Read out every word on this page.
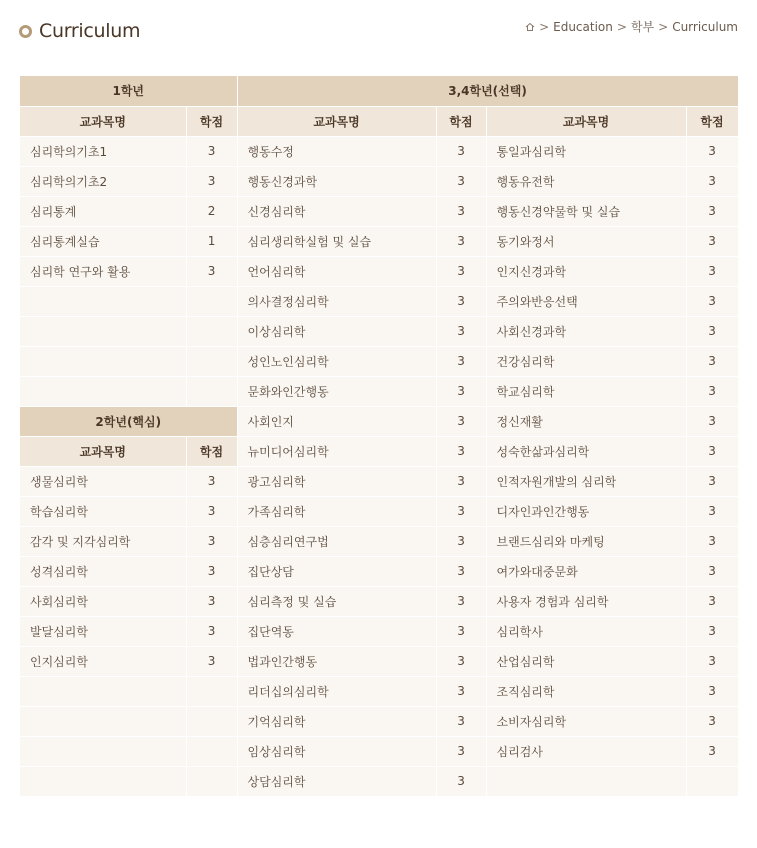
Curriculum	> Education > 학부 > Curriculum
1학년		3,4학년(선택)			
교과목명	학점	교과목명	학점	교과목명	학점
심리학의기초1	3	행동수정	3	통일과심리학	3
심리학의기초2	3	행동신경과학	3	행동유전학	3
심리통계	2	신경심리학	3	행동신경약물학 및 실습	3
심리통계실습	1	심리생리학실험 및 실습	3	동기와정서	3
심리학 연구와 활용	3	언어심리학	3	인지신경과학	3
		의사결정심리학	3	주의와반응선택	3
		이상심리학	3	사회신경과학	3
		성인노인심리학	3	건강심리학	3
		문화와인간행동	3	학교심리학	3
2학년(핵심)		사회인지	3	정신재활	3
교과목명	학점	뉴미디어심리학	3	성숙한삶과심리학	3
생물심리학	3	광고심리학	3	인적자원개발의 심리학	3
학습심리학	3	가족심리학	3	디자인과인간행동	3
감각 및 지각심리학	3	심층심리연구법	3	브랜드심리와 마케팅	3
성격심리학	3	집단상담	3	여가와대중문화	3
사회심리학	3	심리측정 및 실습	3	사용자 경험과 심리학	3
발달심리학	3	집단역동	3	심리학사	3
인지심리학	3	법과인간행동	3	산업심리학	3
		리더십의심리학	3	조직심리학	3
		기억심리학	3	소비자심리학	3
		임상심리학	3	심리검사	3
		상담심리학	3		
